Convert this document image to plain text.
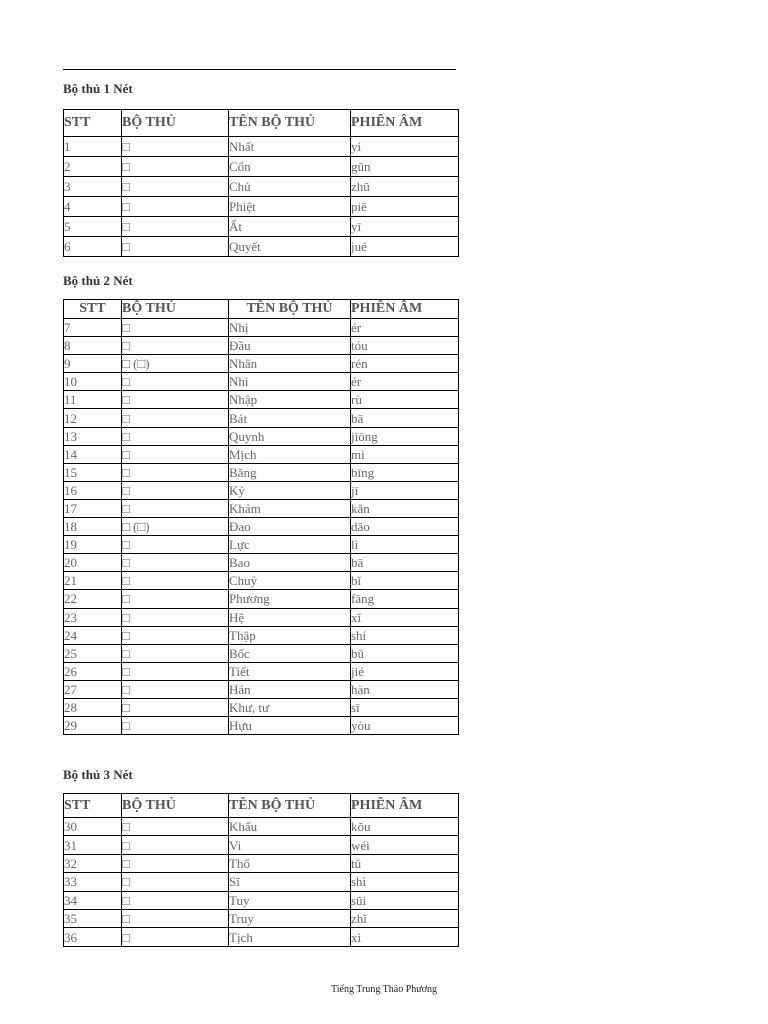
Bộ thủ 1 Nét
STT	BỘ THỦ	TÊN BỘ THỦ	PHIÊN ÂM
1	□	Nhất	yi
2	□	Cổn	gǔn
3	□	Chủ	zhǔ
4	□	Phiệt	piě
5	□	Ất	yī
6	□	Quyết	jué
Bộ thủ 2 Nét
STT	BỘ THỦ	TÊN BỘ THỦ	PHIÊN ÂM
7	□	Nhị	ér
8	□	Đầu	tóu
9	□ (□)	Nhân	rén
10	□	Nhi	ér
11	□	Nhập	rù
12	□	Bát	bā
13	□	Quynh	jiōng
14	□	Mịch	mì
15	□	Băng	bīng
16	□	Kỷ	jī
17	□	Khảm	kǎn
18	□ (□)	Đao	dāo
19	□	Lực	lì
20	□	Bao	bā
21	□	Chuỷ	bǐ
22	□	Phương	fāng
23	□	Hệ	xǐ
24	□	Thập	shí
25	□	Bốc	bǔ
26	□	Tiết	jié
27	□	Hán	hàn
28	□	Khư, tư	sī
29	□	Hựu	yòu
Bộ thủ 3 Nét
STT	BỘ THỦ	TÊN BỘ THỦ	PHIÊN ÂM
30	□	Khẩu	kǒu
31	□	Vi	wéi
32	□	Thổ	tǔ
33	□	Sĩ	shì
34	□	Tuy	sūi
35	□	Truy	zhǐ
36	□	Tịch	xì
Tiếng Trung Thảo Phương
